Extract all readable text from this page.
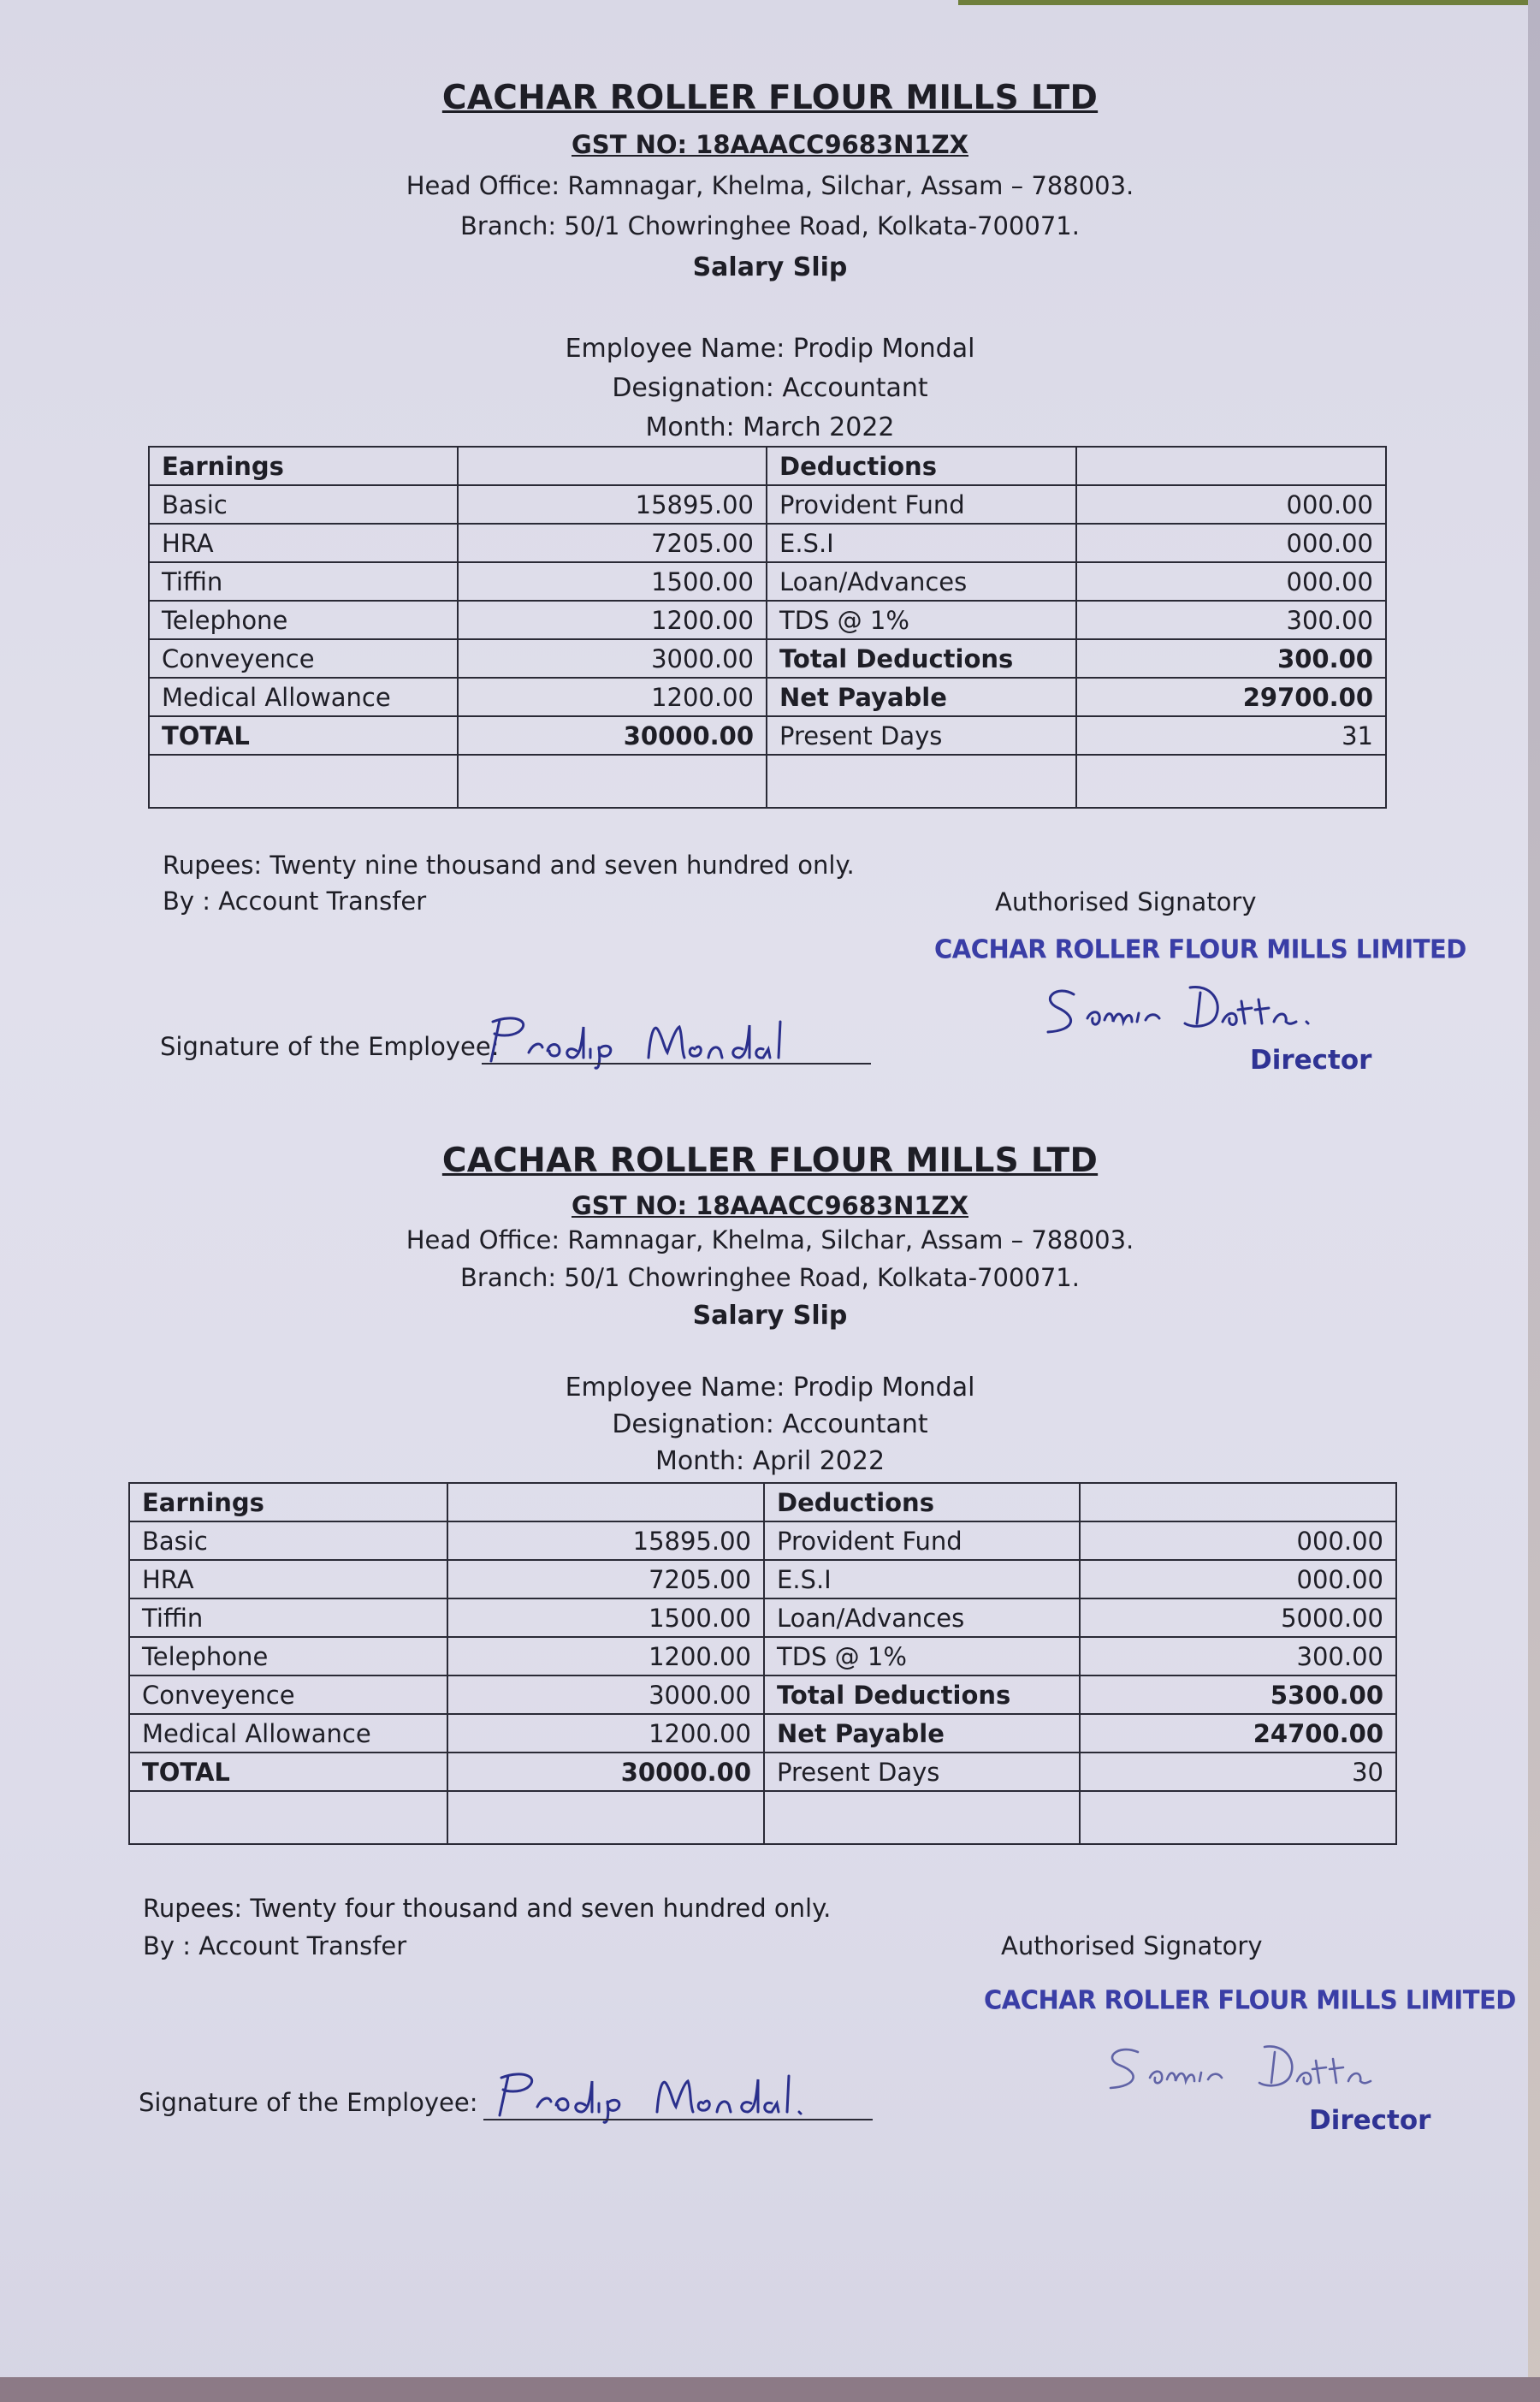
CACHAR ROLLER FLOUR MILLS LTD
GST NO: 18AAACC9683N1ZX
Head Office: Ramnagar, Khelma, Silchar, Assam – 788003.
Branch: 50/1 Chowringhee Road, Kolkata-700071.
Salary Slip
Employee Name: Prodip Mondal
Designation: Accountant
Month: March 2022
Earnings		Deductions	
Basic	15895.00	Provident Fund	000.00
HRA	7205.00	E.S.I	000.00
Tiffin	1500.00	Loan/Advances	000.00
Telephone	1200.00	TDS @ 1%	300.00
Conveyence	3000.00	Total Deductions	300.00
Medical Allowance	1200.00	Net Payable	29700.00
TOTAL	30000.00	Present Days	31

Rupees: Twenty nine thousand and seven hundred only.
By : Account Transfer	Authorised Signatory
CACHAR ROLLER FLOUR MILLS LIMITED
Director
Signature of the Employee:
CACHAR ROLLER FLOUR MILLS LTD
GST NO: 18AAACC9683N1ZX
Head Office: Ramnagar, Khelma, Silchar, Assam – 788003.
Branch: 50/1 Chowringhee Road, Kolkata-700071.
Salary Slip
Employee Name: Prodip Mondal
Designation: Accountant
Month: April 2022
Earnings		Deductions	
Basic	15895.00	Provident Fund	000.00
HRA	7205.00	E.S.I	000.00
Tiffin	1500.00	Loan/Advances	5000.00
Telephone	1200.00	TDS @ 1%	300.00
Conveyence	3000.00	Total Deductions	5300.00
Medical Allowance	1200.00	Net Payable	24700.00
TOTAL	30000.00	Present Days	30

Rupees: Twenty four thousand and seven hundred only.
By : Account Transfer	Authorised Signatory
CACHAR ROLLER FLOUR MILLS LIMITED
Director
Signature of the Employee:
